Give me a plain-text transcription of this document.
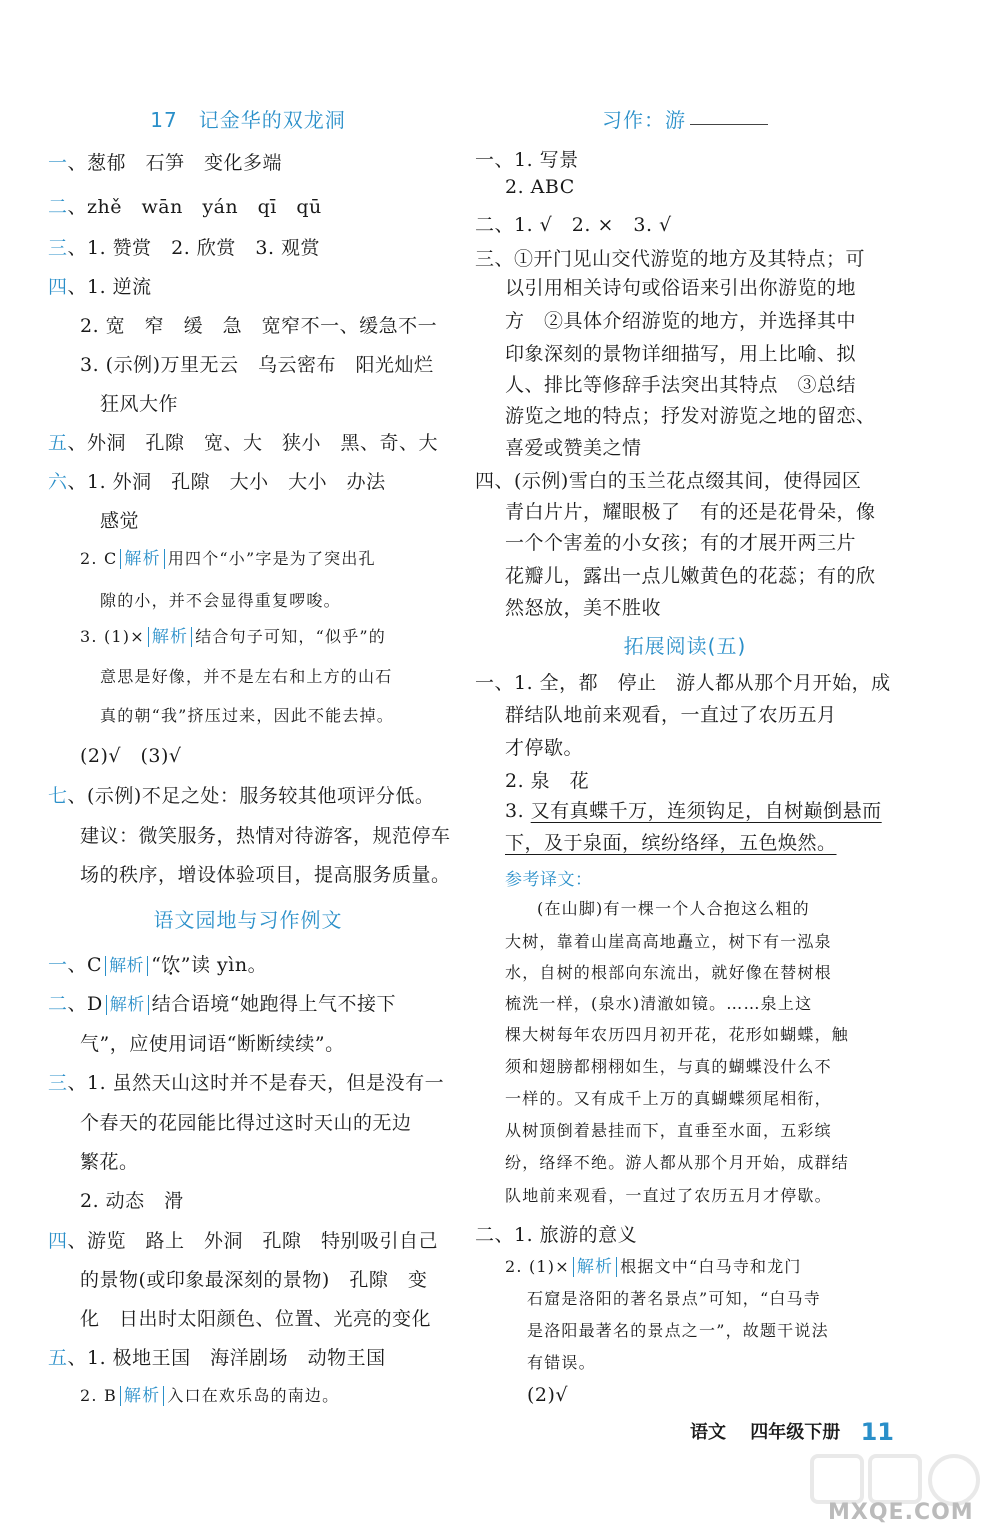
17　记金华的双龙洞
一、葱郁　石笋　变化多端
二、zhě　wān　yán　qī　qū
三、1. 赞赏　2. 欣赏　3. 观赏
四、1. 逆流
2. 宽　窄　缓　急　宽窄不一、缓急不一
3. (示例)万里无云　乌云密布　阳光灿烂
狂风大作
五、外洞　孔隙　宽、大　狭小　黑、奇、大
六、1. 外洞　孔隙　大小　大小　办法
感觉
2. C 解析 用四个“小”字是为了突出孔
隙的小，并不会显得重复啰唆。
3. (1)× 解析 结合句子可知，“似乎”的
意思是好像，并不是左右和上方的山石
真的朝“我”挤压过来，因此不能去掉。
(2)√　(3)√
七、(示例)不足之处：服务较其他项评分低。
建议：微笑服务，热情对待游客，规范停车
场的秩序，增设体验项目，提高服务质量。
语文园地与习作例文
一、C 解析 “饮”读 yìn。
二、D 解析 结合语境“她跑得上气不接下
气”，应使用词语“断断续续”。
三、1. 虽然天山这时并不是春天，但是没有一
个春天的花园能比得过这时天山的无边
繁花。
2. 动态　滑
四、游览　路上　外洞　孔隙　特别吸引自己
的景物(或印象最深刻的景物)　孔隙　变
化　日出时太阳颜色、位置、光亮的变化
五、1. 极地王国　海洋剧场　动物王国
2. B 解析 入口在欢乐岛的南边。
习作：游
一、1. 写景
2. ABC
二、1. √　2. ×　3. √
三、①开门见山交代游览的地方及其特点；可
以引用相关诗句或俗语来引出你游览的地
方　②具体介绍游览的地方，并选择其中
印象深刻的景物详细描写，用上比喻、拟
人、排比等修辞手法突出其特点　③总结
游览之地的特点；抒发对游览之地的留恋、
喜爱或赞美之情
四、(示例)雪白的玉兰花点缀其间，使得园区
青白片片，耀眼极了　有的还是花骨朵，像
一个个害羞的小女孩；有的才展开两三片
花瓣儿，露出一点儿嫩黄色的花蕊；有的欣
然怒放，美不胜收
拓展阅读(五)
一、1. 全，都　停止　游人都从那个月开始，成
群结队地前来观看，一直过了农历五月
才停歇。
2. 泉　花
3. 又有真蝶千万，连须钩足，自树巅倒悬而
下，及于泉面，缤纷络绎，五色焕然。
参考译文：
(在山脚)有一棵一个人合抱这么粗的
大树，靠着山崖高高地矗立，树下有一泓泉
水，自树的根部向东流出，就好像在替树根
梳洗一样，(泉水)清澈如镜。……泉上这
棵大树每年农历四月初开花，花形如蝴蝶，触
须和翅膀都栩栩如生，与真的蝴蝶没什么不
一样的。又有成千上万的真蝴蝶须尾相衔，
从树顶倒着悬挂而下，直垂至水面，五彩缤
纷，络绎不绝。游人都从那个月开始，成群结
队地前来观看，一直过了农历五月才停歇。
二、1. 旅游的意义
2. (1)× 解析 根据文中“白马寺和龙门
石窟是洛阳的著名景点”可知，“白马寺
是洛阳最著名的景点之一”，故题干说法
有错误。
(2)√
语文 四年级下册 11
MXQE.COM
